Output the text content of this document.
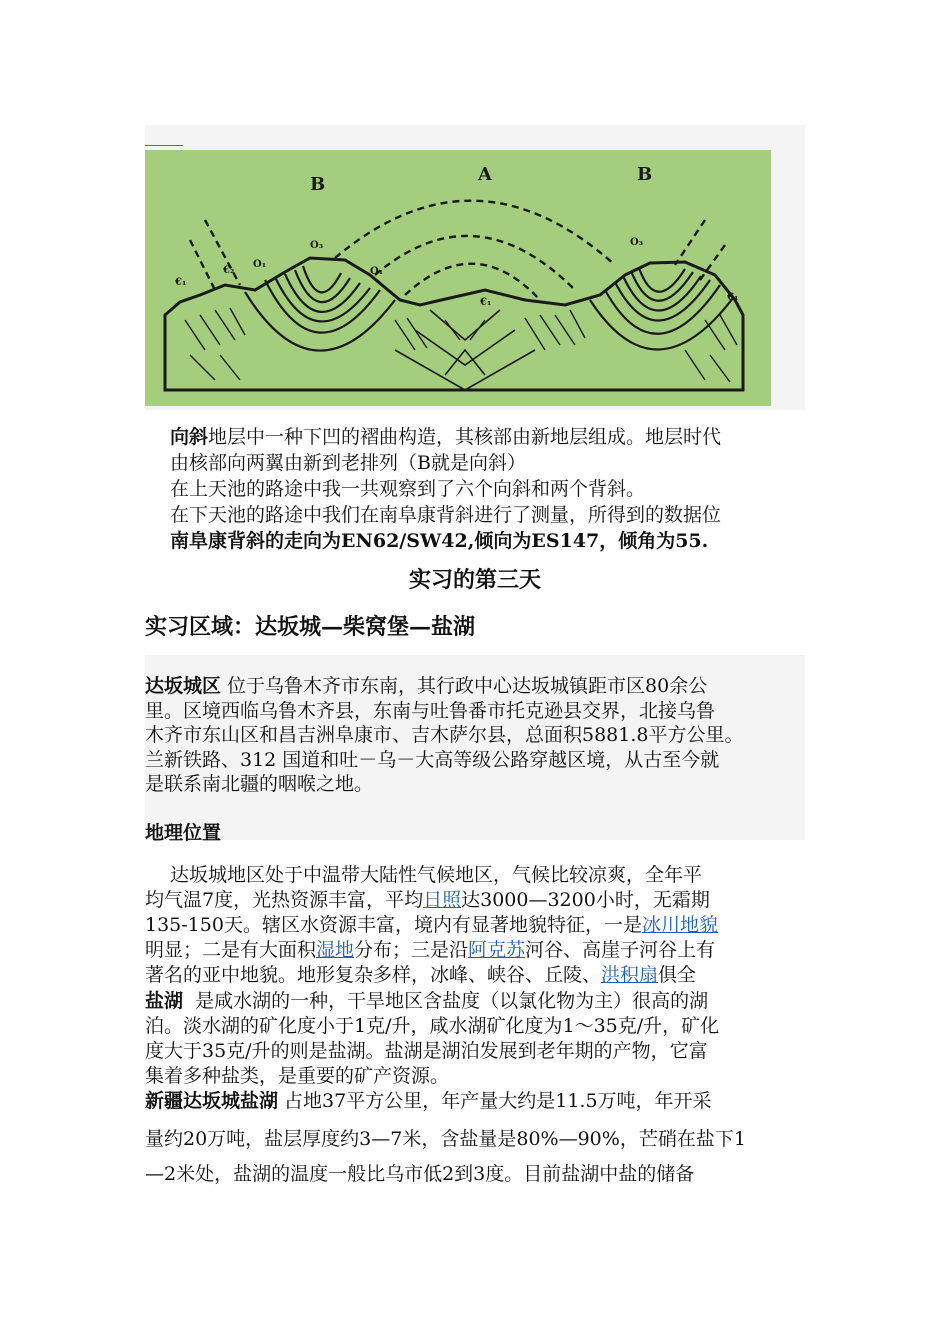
B	A	B
O₃
O₁
O₁
€₁
€₂
€₁
O₃
€₁

向斜地层中一种下凹的褶曲构造，其核部由新地层组成。地层时代

由核部向两翼由新到老排列（B就是向斜）

在上天池的路途中我一共观察到了六个向斜和两个背斜。

在下天池的路途中我们在南阜康背斜进行了测量，所得到的数据位

南阜康背斜的走向为EN62/SW42,倾向为ES147，倾角为55.

实习的第三天
实习区域：达坂城—柴窝堡—盐湖

达坂城区 位于乌鲁木齐市东南，其行政中心达坂城镇距市区80余公

里。区境西临乌鲁木齐县，东南与吐鲁番市托克逊县交界，北接乌鲁

木齐市东山区和昌吉洲阜康市、吉木萨尔县，总面积5881.8平方公里。

兰新铁路、312 国道和吐－乌－大高等级公路穿越区境，从古至今就

是联系南北疆的咽喉之地。

地理位置

达坂城地区处于中温带大陆性气候地区，气候比较凉爽，全年平

均气温7度，光热资源丰富，平均日照达3000—3200小时，无霜期

135-150天。辖区水资源丰富，境内有显著地貌特征，一是冰川地貌

明显；二是有大面积湿地分布；三是沿阿克苏河谷、高崖子河谷上有

著名的亚中地貌。地形复杂多样，冰峰、峡谷、丘陵、洪积扇俱全

盐湖  是咸水湖的一种，干旱地区含盐度（以氯化物为主）很高的湖

泊。淡水湖的矿化度小于1克/升，咸水湖矿化度为1～35克/升，矿化

度大于35克/升的则是盐湖。盐湖是湖泊发展到老年期的产物，它富

集着多种盐类，是重要的矿产资源。

新疆达坂城盐湖 占地37平方公里，年产量大约是11.5万吨，年开采

量约20万吨，盐层厚度约3—7米，含盐量是80%—90%，芒硝在盐下1

—2米处，盐湖的温度一般比乌市低2到3度。目前盐湖中盐的储备
